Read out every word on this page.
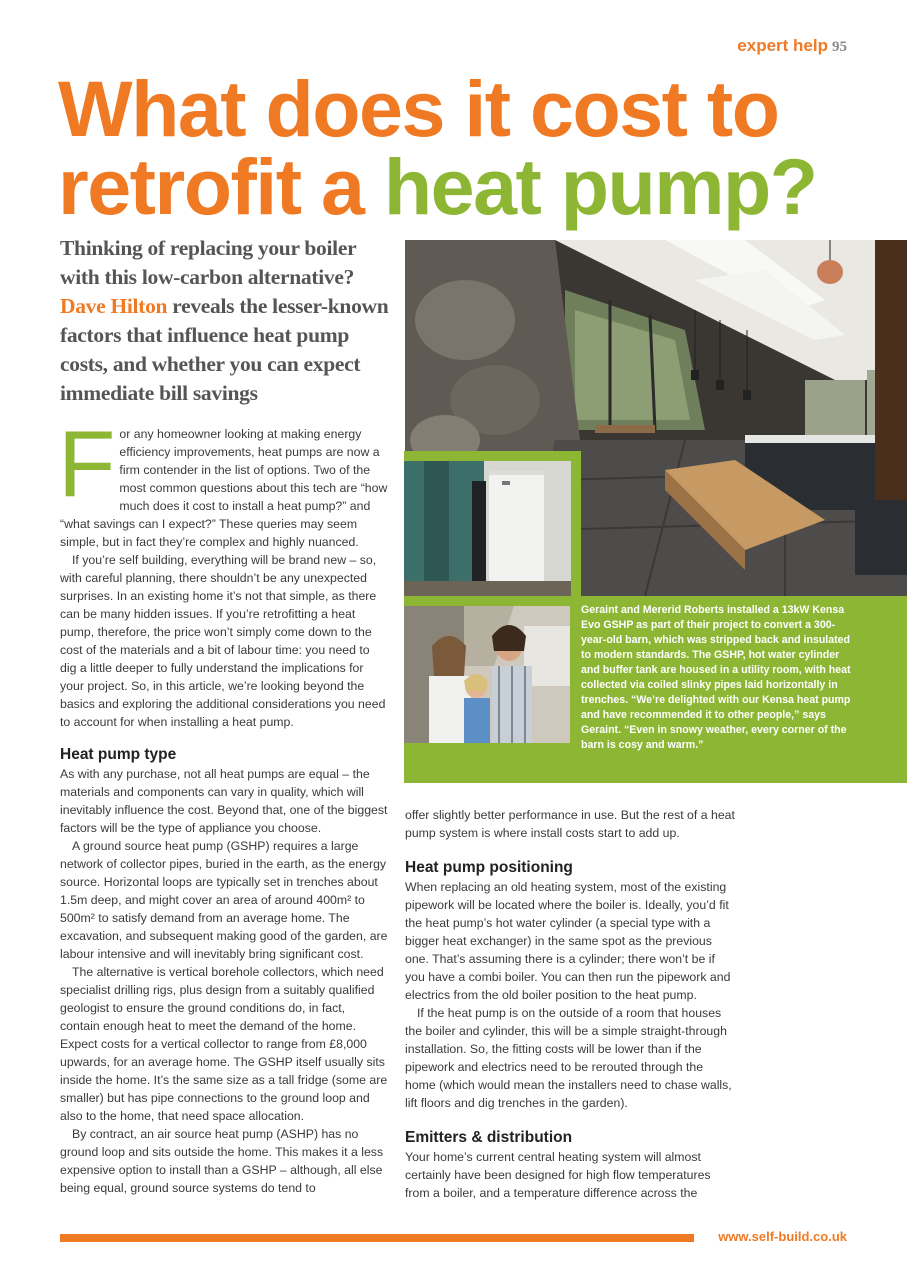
expert help 95
What does it cost to retrofit a heat pump?
Thinking of replacing your boiler with this low-carbon alternative? Dave Hilton reveals the lesser-known factors that influence heat pump costs, and whether you can expect immediate bill savings

For any homeowner looking at making energy efficiency improvements, heat pumps are now a firm contender in the list of options. Two of the most common questions about this tech are “how much does it cost to install a heat pump?” and “what savings can I expect?” These queries may seem simple, but in fact they’re complex and highly nuanced.

If you’re self building, everything will be brand new – so, with careful planning, there shouldn’t be any unexpected surprises. In an existing home it’s not that simple, as there can be many hidden issues. If you’re retrofitting a heat pump, therefore, the price won’t simply come down to the cost of the materials and a bit of labour time: you need to dig a little deeper to fully understand the implications for your project. So, in this article, we’re looking beyond the basics and exploring the additional considerations you need to account for when installing a heat pump.

Heat pump type

As with any purchase, not all heat pumps are equal – the materials and components can vary in quality, which will inevitably influence the cost. Beyond that, one of the biggest factors will be the type of appliance you choose.

A ground source heat pump (GSHP) requires a large network of collector pipes, buried in the earth, as the energy source. Horizontal loops are typically set in trenches about 1.5m deep, and might cover an area of around 400m² to 500m² to satisfy demand from an average home. The excavation, and subsequent making good of the garden, are labour intensive and will inevitably bring significant cost.

The alternative is vertical borehole collectors, which need specialist drilling rigs, plus design from a suitably qualified geologist to ensure the ground conditions do, in fact, contain enough heat to meet the demand of the home. Expect costs for a vertical collector to range from £8,000 upwards, for an average home. The GSHP itself usually sits inside the home. It’s the same size as a tall fridge (some are smaller) but has pipe connections to the ground loop and also to the home, that need space allocation.

By contract, an air source heat pump (ASHP) has no ground loop and sits outside the home. This makes it a less expensive option to install than a GSHP – although, all else being equal, ground source systems do tend to

Geraint and Mererid Roberts installed a 13kW Kensa Evo GSHP as part of their project to convert a 300-year-old barn, which was stripped back and insulated to modern standards. The GSHP, hot water cylinder and buffer tank are housed in a utility room, with heat collected via coiled slinky pipes laid horizontally in trenches. “We’re delighted with our Kensa heat pump and have recommended it to other people,” says Geraint. “Even in snowy weather, every corner of the barn is cosy and warm.”

offer slightly better performance in use. But the rest of a heat pump system is where install costs start to add up.

Heat pump positioning

When replacing an old heating system, most of the existing pipework will be located where the boiler is. Ideally, you’d fit the heat pump’s hot water cylinder (a special type with a bigger heat exchanger) in the same spot as the previous one. That’s assuming there is a cylinder; there won’t be if you have a combi boiler. You can then run the pipework and electrics from the old boiler position to the heat pump.

If the heat pump is on the outside of a room that houses the boiler and cylinder, this will be a simple straight-through installation. So, the fitting costs will be lower than if the pipework and electrics need to be rerouted through the home (which would mean the installers need to chase walls, lift floors and dig trenches in the garden).

Emitters & distribution

Your home’s current central heating system will almost certainly have been designed for high flow temperatures from a boiler, and a temperature difference across the

www.self-build.co.uk
